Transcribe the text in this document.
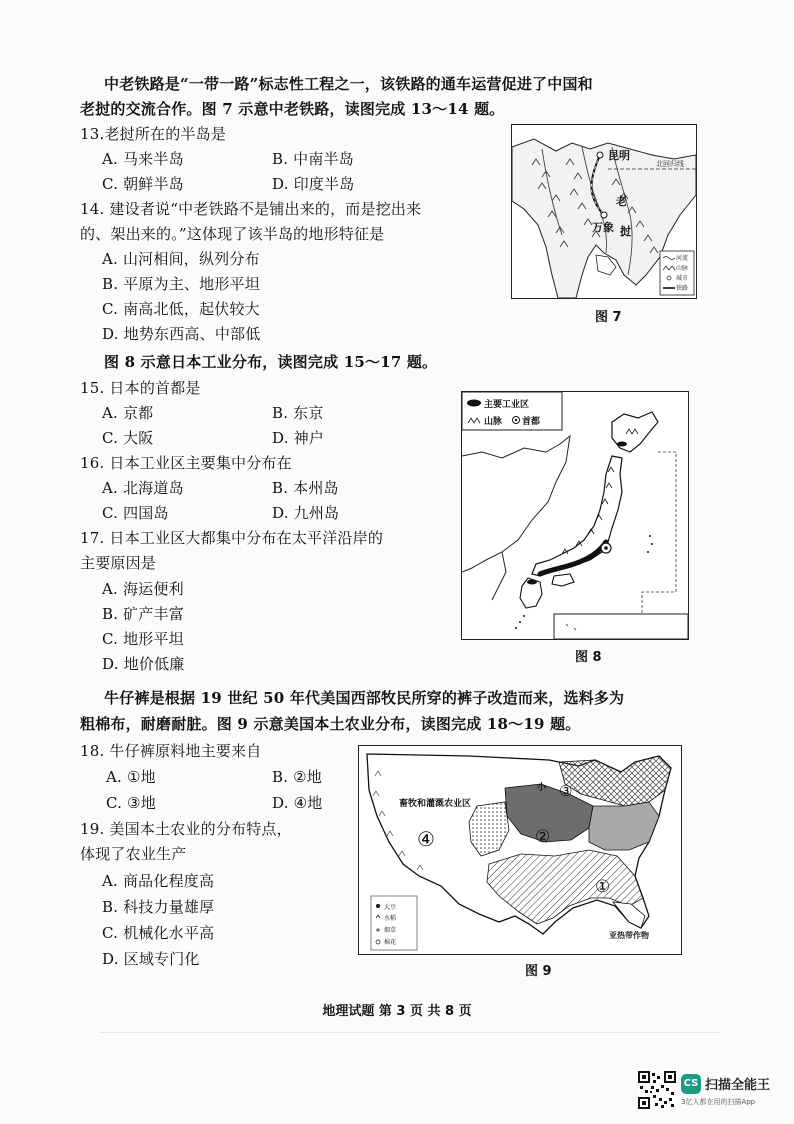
中老铁路是“一带一路”标志性工程之一，该铁路的通车运营促进了中国和
老挝的交流合作。图 7 示意中老铁路，读图完成 13～14 题。
13.老挝所在的半岛是
A. 马来半岛	B. 中南半岛
C. 朝鲜半岛	D. 印度半岛
14. 建设者说“中老铁路不是铺出来的，而是挖出来
的、架出来的。”这体现了该半岛的地形特征是
A. 山河相间，纵列分布
B. 平原为主、地形平坦
C. 南高北低，起伏较大
D. 地势东西高、中部低
北回归线
昆明
万象
老
挝
河流
山脉
城市
铁路
图 7
图 8 示意日本工业分布，读图完成 15～17 题。
15. 日本的首都是
A. 京都	B. 东京
C. 大阪	D. 神户
16. 日本工业区主要集中分布在
A. 北海道岛	B. 本州岛
C. 四国岛	D. 九州岛
17. 日本工业区大都集中分布在太平洋沿岸的
主要原因是
A. 海运便利
B. 矿产丰富
C. 地形平坦
D. 地价低廉
主要工业区
山脉 首都
图 8
牛仔裤是根据 19 世纪 50 年代美国西部牧民所穿的裤子改造而来，选料多为
粗棉布，耐磨耐脏。图 9 示意美国本土农业分布，读图完成 18～19 题。
18. 牛仔裤原料地主要来自
A. ①地	B. ②地
C. ③地	D. ④地
19. 美国本土农业的分布特点，
体现了农业生产
A. 商品化程度高
B. 科技力量雄厚
C. 机械化水平高
D. 区域专门化
畜牧和灌溉农业区
④	②
③
①
小
亚热带作物
大豆
水稻
烟草
棉花
图 9
地理试题 第 3 页 共 8 页
CS 扫描全能王
3亿人都在用的扫描App
